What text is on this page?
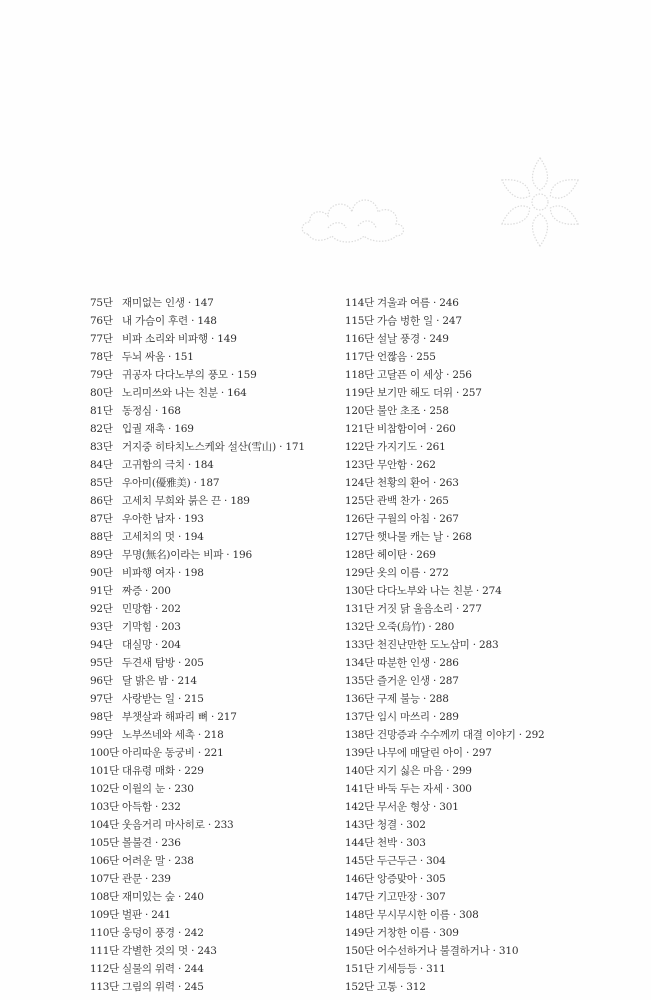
75단 재미없는 인생 · 147
76단 내 가슴이 후련 · 148
77단 비파 소리와 비파행 · 149
78단 두뇌 싸움 · 151
79단 귀공자 다다노부의 풍모 · 159
80단 노리미쓰와 나는 친분 · 164
81단 동정심 · 168
82단 입궐 재촉 · 169
83단 거지중 히타치노스케와 설산(雪山) · 171
84단 고귀함의 극치 · 184
85단 우아미(優雅美) · 187
86단 고세치 무희와 붉은 끈 · 189
87단 우아한 남자 · 193
88단 고세치의 멋 · 194
89단 무명(無名)이라는 비파 · 196
90단 비파행 여자 · 198
91단 짜증 · 200
92단 민망함 · 202
93단 기막힘 · 203
94단 대실망 · 204
95단 두견새 탐방 · 205
96단 달 밝은 밤 · 214
97단 사랑받는 일 · 215
98단 부챗살과 해파리 뼈 · 217
99단 노부쓰네와 세촉 · 218
100단 아리따운 동궁비 · 221
101단 대유령 매화 · 229
102단 이월의 눈 · 230
103단 아득함 · 232
104단 웃음거리 마사히로 · 233
105단 볼불견 · 236
106단 어려운 말 · 238
107단 관문 · 239
108단 재미있는 숲 · 240
109단 벌판 · 241
110단 웅덩이 풍경 · 242
111단 각별한 것의 멋 · 243
112단 실물의 위력 · 244
113단 그림의 위력 · 245
114단 겨울과 여름 · 246
115단 가슴 벙한 일 · 247
116단 설날 풍경 · 249
117단 언짢음 · 255
118단 고달픈 이 세상 · 256
119단 보기만 해도 더위 · 257
120단 불안 초조 · 258
121단 비참함이여 · 260
122단 가지기도 · 261
123단 무안함 · 262
124단 천황의 환어 · 263
125단 관백 찬가 · 265
126단 구월의 아침 · 267
127단 햇나물 캐는 날 · 268
128단 헤이탄 · 269
129단 옷의 이름 · 272
130단 다다노부와 나는 친분 · 274
131단 거짓 닭 울음소리 · 277
132단 오죽(烏竹) · 280
133단 천진난만한 도노삼미 · 283
134단 따분한 인생 · 286
135단 즐거운 인생 · 287
136단 구제 불능 · 288
137단 임시 마쓰리 · 289
138단 건망증과 수수께끼 대결 이야기 · 292
139단 나무에 매달린 아이 · 297
140단 지기 싫은 마음 · 299
141단 바둑 두는 자세 · 300
142단 무서운 형상 · 301
143단 청결 · 302
144단 천박 · 303
145단 두근두근 · 304
146단 앙증맞아 · 305
147단 기고만장 · 307
148단 무시무시한 이름 · 308
149단 거창한 이름 · 309
150단 어수선하거나 불결하거나 · 310
151단 기세등등 · 311
152단 고통 · 312
